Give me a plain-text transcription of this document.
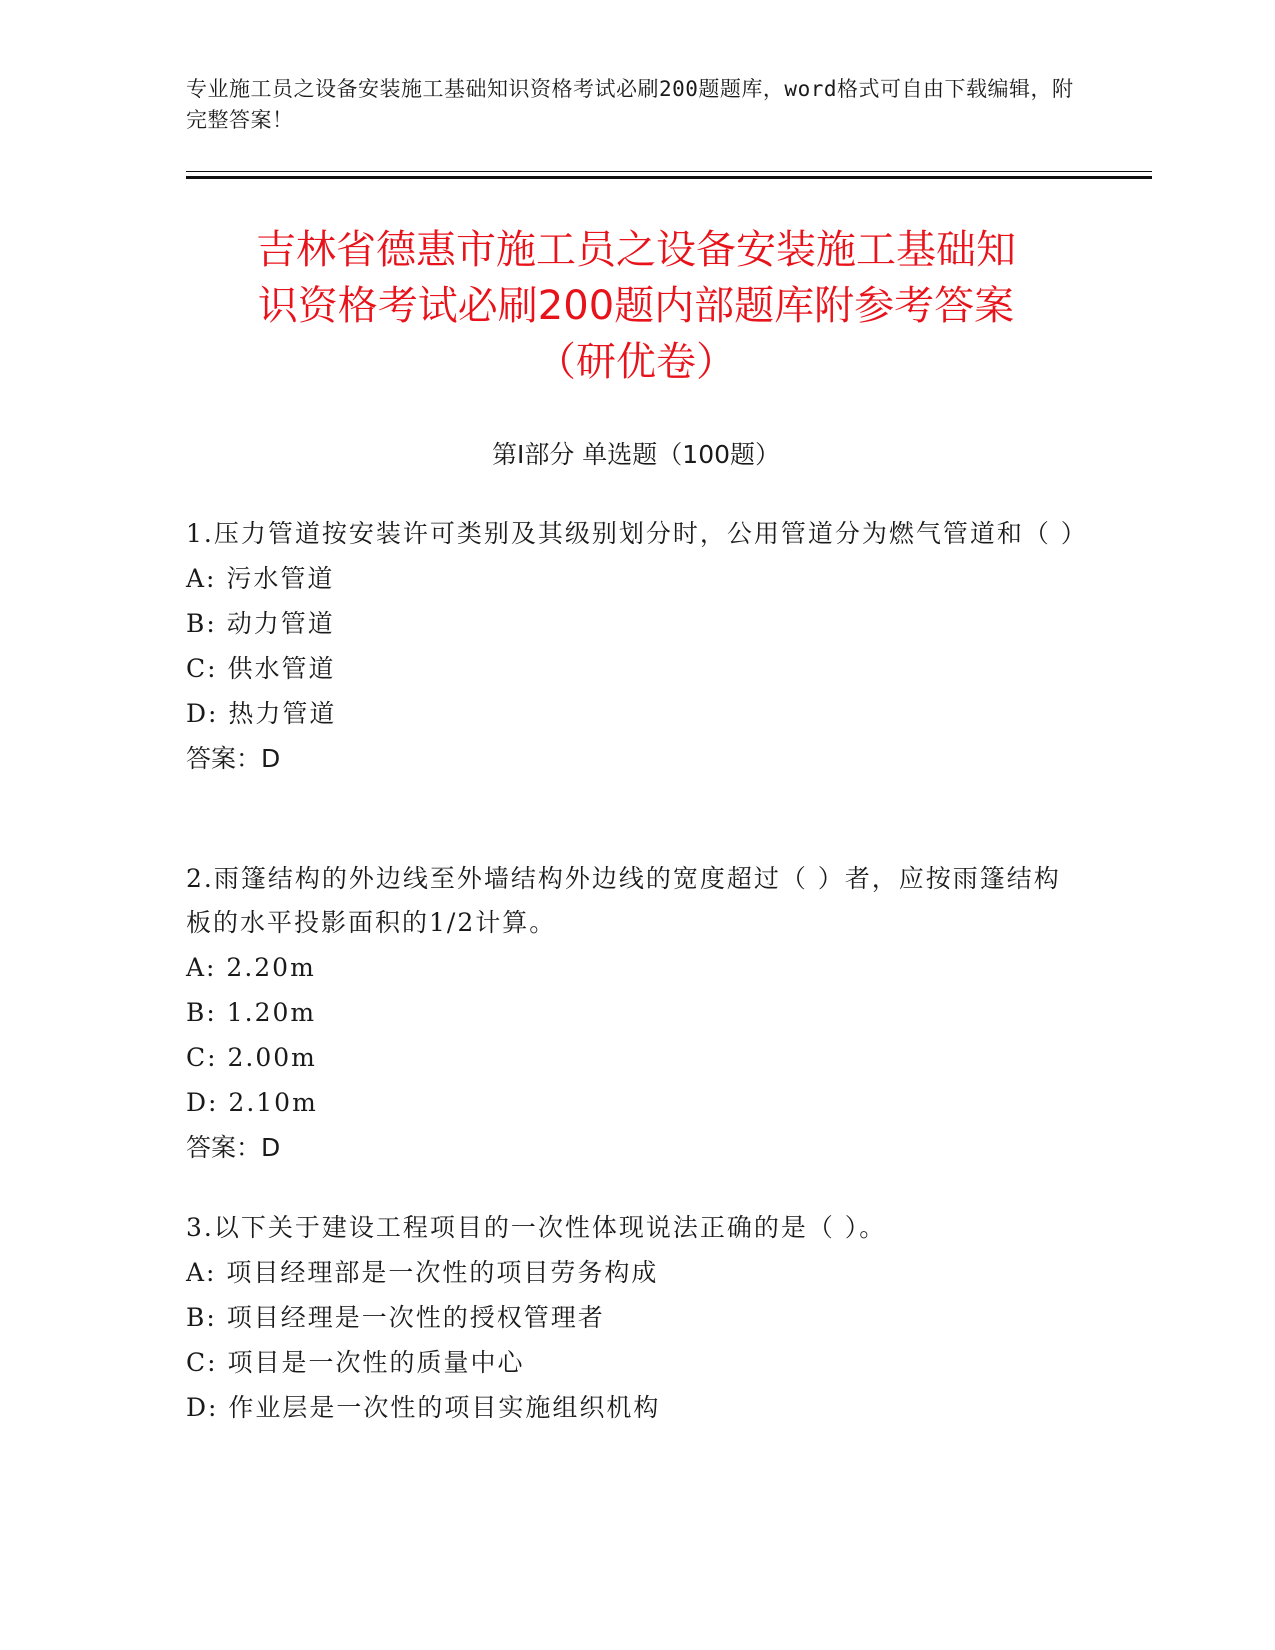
专业施工员之设备安装施工基础知识资格考试必刷200题题库，word格式可自由下载编辑，附完整答案！
吉林省德惠市施工员之设备安装施工基础知
识资格考试必刷200题内部题库附参考答案
（研优卷）
第Ⅰ部分 单选题（100题）
1.压力管道按安装许可类别及其级别划分时，公用管道分为燃气管道和（ ）
A: 污水管道
B: 动力管道
C: 供水管道
D: 热力管道
答案：D
2.雨篷结构的外边线至外墙结构外边线的宽度超过（ ）者，应按雨篷结构板的水平投影面积的1/2计算。
A: 2.20m
B: 1.20m
C: 2.00m
D: 2.10m
答案：D
3.以下关于建设工程项目的一次性体现说法正确的是（ ）。
A: 项目经理部是一次性的项目劳务构成
B: 项目经理是一次性的授权管理者
C: 项目是一次性的质量中心
D: 作业层是一次性的项目实施组织机构
